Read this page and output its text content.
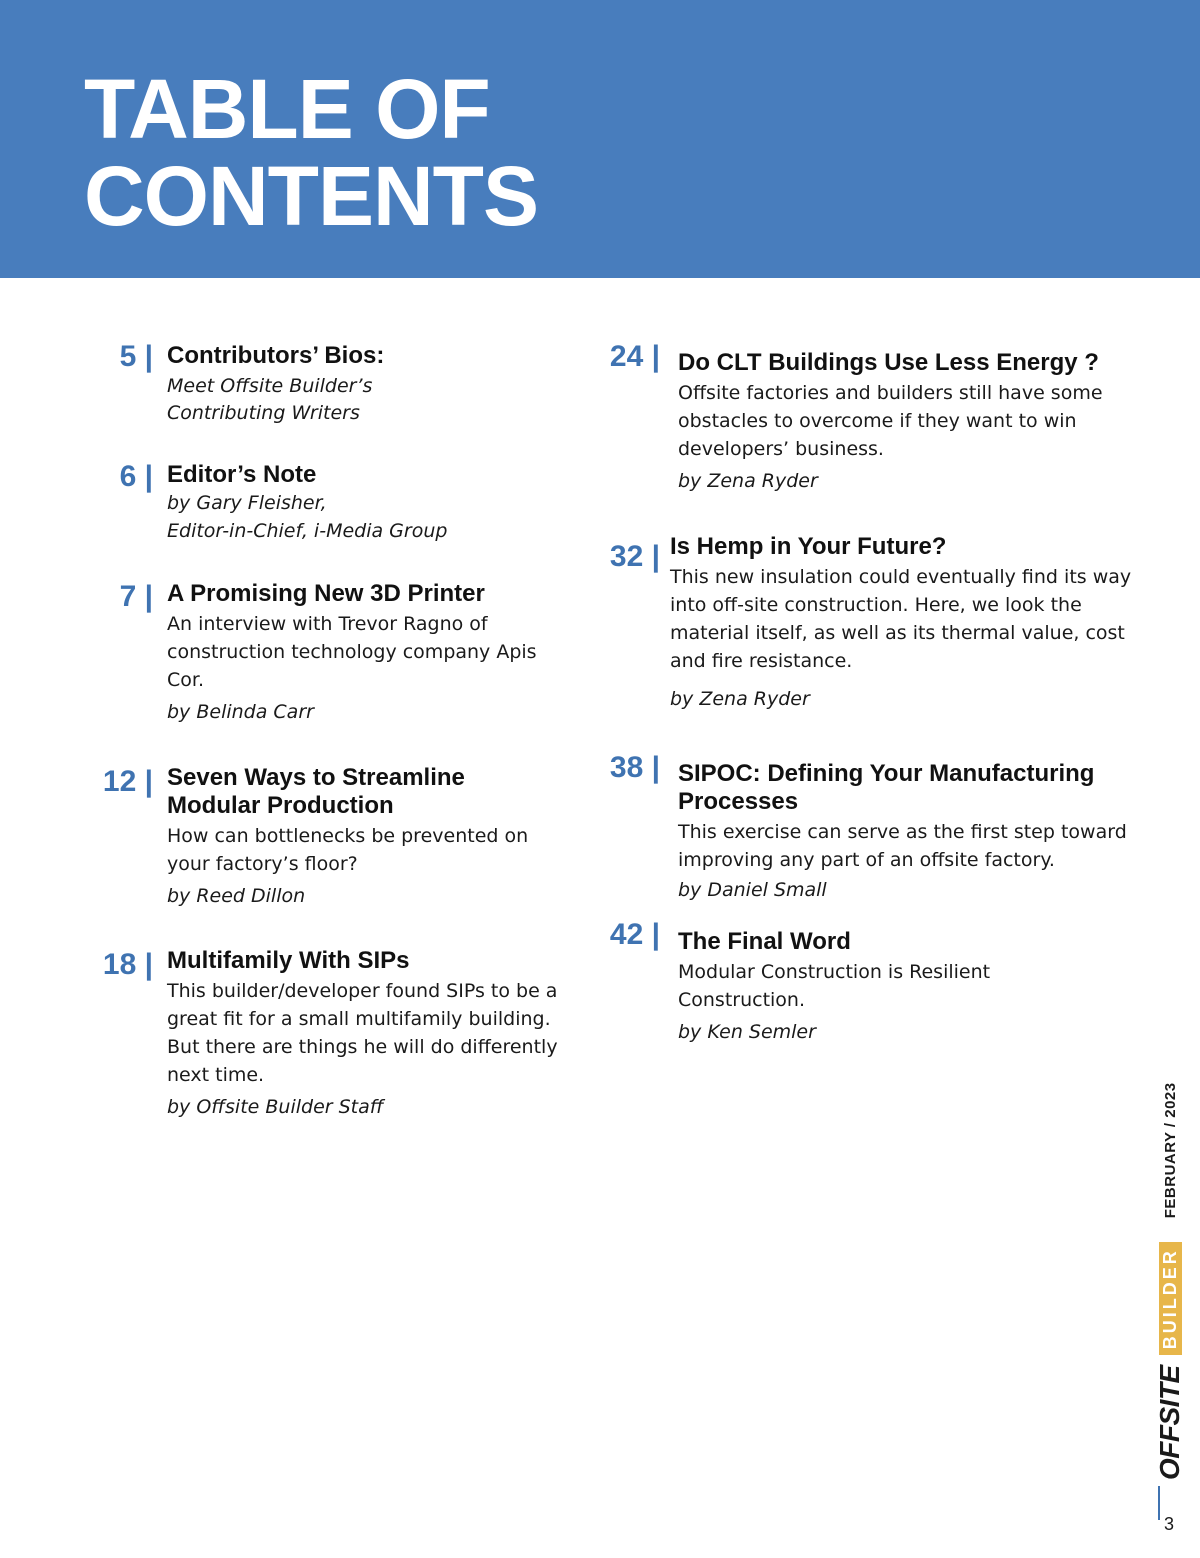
TABLE OF
CONTENTS
5 | Contributors’ Bios:
Meet Offsite Builder’s
Contributing Writers
6 | Editor’s Note
by Gary Fleisher,
Editor-in-Chief, i-Media Group
7 | A Promising New 3D Printer
An interview with Trevor Ragno of construction technology company Apis Cor.
by Belinda Carr
12 | Seven Ways to Streamline Modular Production
How can bottlenecks be prevented on your factory’s floor?
by Reed Dillon
18 | Multifamily With SIPs
This builder/developer found SIPs to be a great fit for a small multifamily building. But there are things he will do differently next time.
by Offsite Builder Staff
24 | Do CLT Buildings Use Less Energy ?
Offsite factories and builders still have some obstacles to overcome if they want to win developers’ business.
by Zena Ryder
32 | Is Hemp in Your Future?
This new insulation could eventually find its way into off-site construction. Here, we look the material itself, as well as its thermal value, cost and fire resistance.
by Zena Ryder
38 | SIPOC: Defining Your Manufacturing Processes
This exercise can serve as the first step toward improving any part of an offsite factory.
by Daniel Small
42 | The Final Word
Modular Construction is Resilient Construction.
by Ken Semler
OFFSITE
BUILDER
FEBRUARY / 2023
3
